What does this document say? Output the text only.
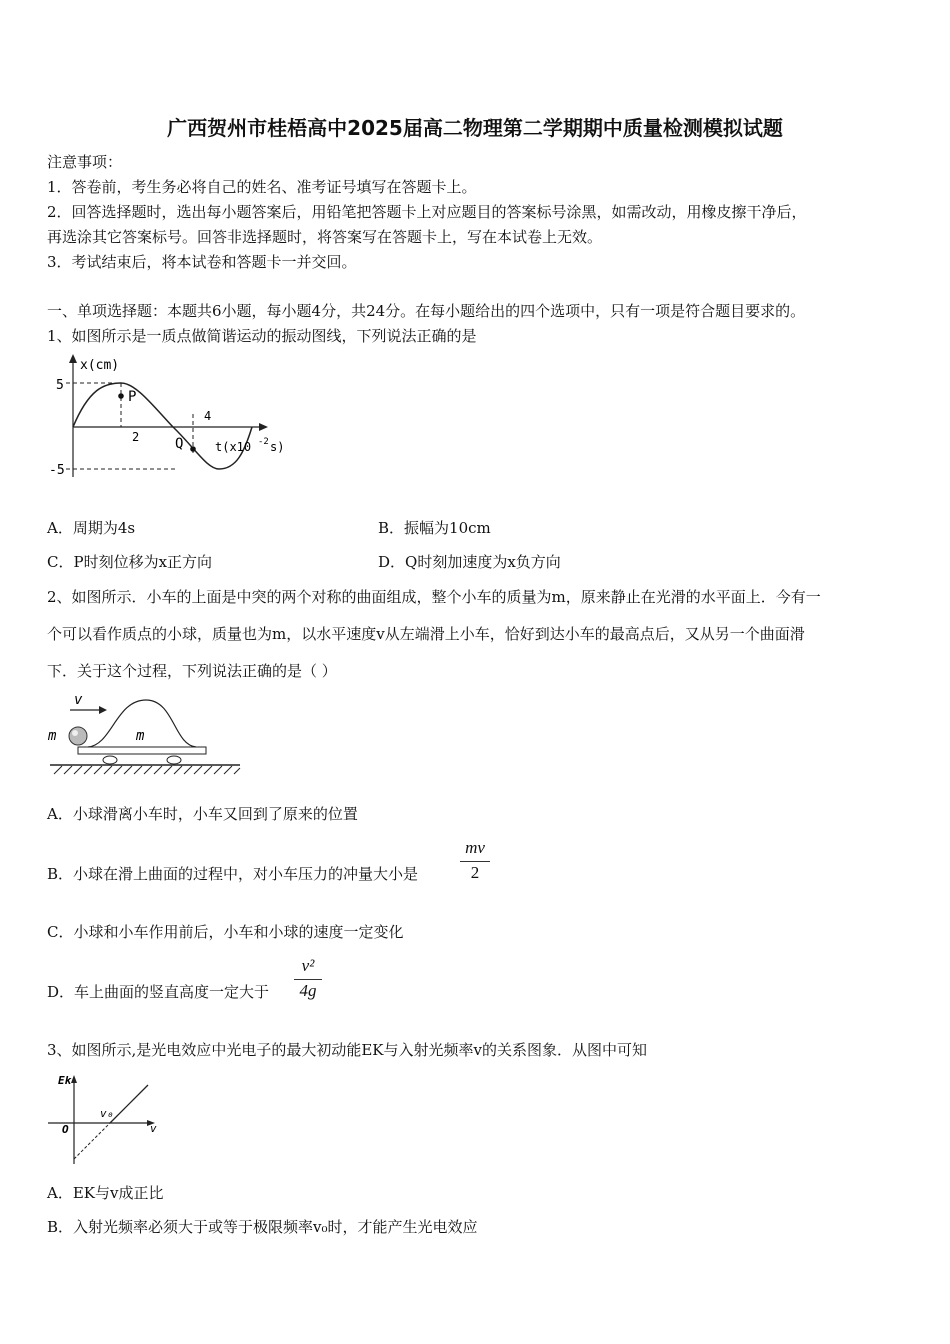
广西贺州市桂梧高中2025届高二物理第二学期期中质量检测模拟试题
注意事项：
1．答卷前，考生务必将自己的姓名、准考证号填写在答题卡上。
2．回答选择题时，选出每小题答案后，用铅笔把答题卡上对应题目的答案标号涂黑，如需改动，用橡皮擦干净后，
再选涂其它答案标号。回答非选择题时，将答案写在答题卡上，写在本试卷上无效。
3．考试结束后，将本试卷和答题卡一并交回。
一、单项选择题：本题共6小题，每小题4分，共24分。在每小题给出的四个选项中，只有一项是符合题目要求的。
1、如图所示是一质点做简谐运动的振动图线，下列说法正确的是
x(cm)
5
-5
2
4
P
Q	t(x10 -2 s)
A．周期为4s	B．振幅为10cm
C．P时刻位移为x正方向	D．Q时刻加速度为x负方向
2、如图所示．小车的上面是中突的两个对称的曲面组成，整个小车的质量为m，原来静止在光滑的水平面上．今有一
个可以看作质点的小球，质量也为m，以水平速度v从左端滑上小车，恰好到达小车的最高点后，又从另一个曲面滑
下．关于这个过程，下列说法正确的是（ ）
v
m	m
A．小球滑离小车时，小车又回到了原来的位置
B．小球在滑上曲面的过程中，对小车压力的冲量大小是
mv
2
C．小球和小车作用前后，小车和小球的速度一定变化
D．车上曲面的竖直高度一定大于
v²
4g
3、如图所示,是光电效应中光电子的最大初动能EK与入射光频率v的关系图象．从图中可知
Ek
v
O
v₀
A．EK与v成正比
B．入射光频率必须大于或等于极限频率v₀时，才能产生光电效应
